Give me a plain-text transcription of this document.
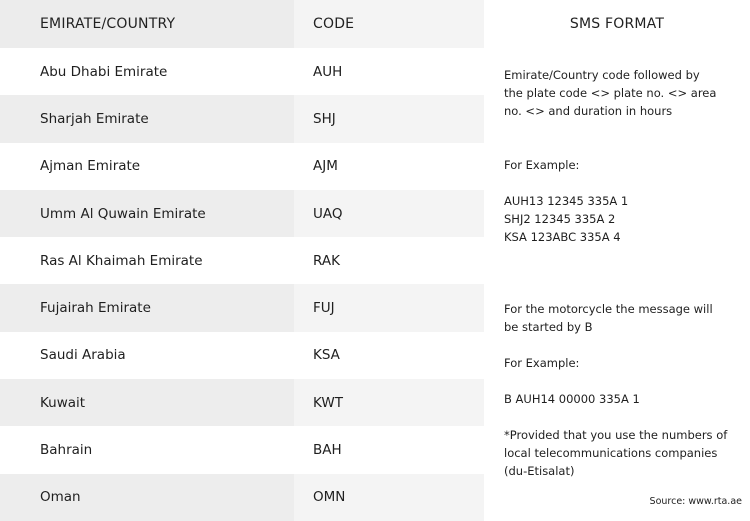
EMIRATE/COUNTRY	CODE	SMS FORMAT
Abu Dhabi Emirate	AUH
Sharjah Emirate	SHJ
Ajman Emirate	AJM
Umm Al Quwain Emirate	UAQ
Ras Al Khaimah Emirate	RAK
Fujairah Emirate	FUJ
Saudi Arabia	KSA
Kuwait	KWT
Bahrain	BAH
Oman	OMN

Emirate/Country code followed by

the plate code <> plate no. <> area

no. <> and duration in hours

For Example:

AUH13 12345 335A 1

SHJ2 12345 335A 2

KSA 123ABC 335A 4

For the motorcycle the message will

be started by B

For Example:

B AUH14 00000 335A 1

*Provided that you use the numbers of

local telecommunications companies

(du-Etisalat)

Source: www.rta.ae
